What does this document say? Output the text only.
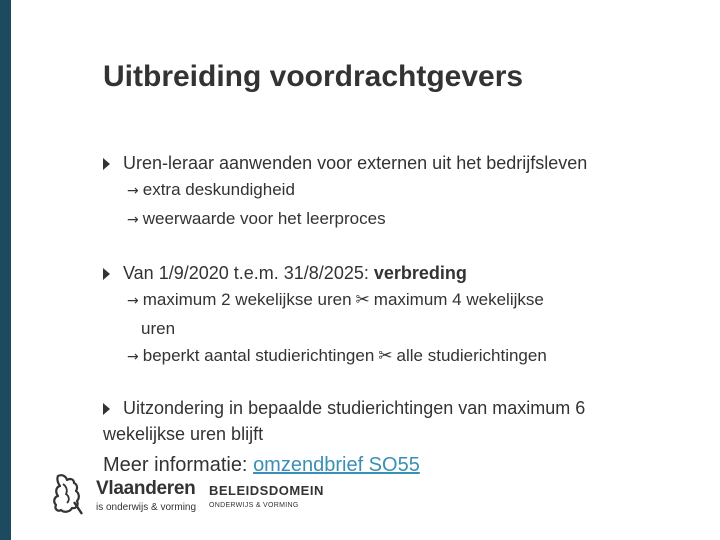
Uitbreiding voordrachtgevers
Uren-leraar aanwenden voor externen uit het bedrijfsleven
→ extra deskundigheid
→ weerwaarde voor het leerproces
Van 1/9/2020 t.e.m. 31/8/2025: verbreding
→ maximum 2 wekelijkse uren ✂ maximum 4 wekelijkse
uren
→ beperkt aantal studierichtingen ✂ alle studierichtingen
Uitzondering in bepaalde studierichtingen van maximum 6
wekelijkse uren blijft
Meer informatie: omzendbrief SO55
Vlaanderen
is onderwijs & vorming
BELEIDSDOMEIN
ONDERWIJS & VORMING
